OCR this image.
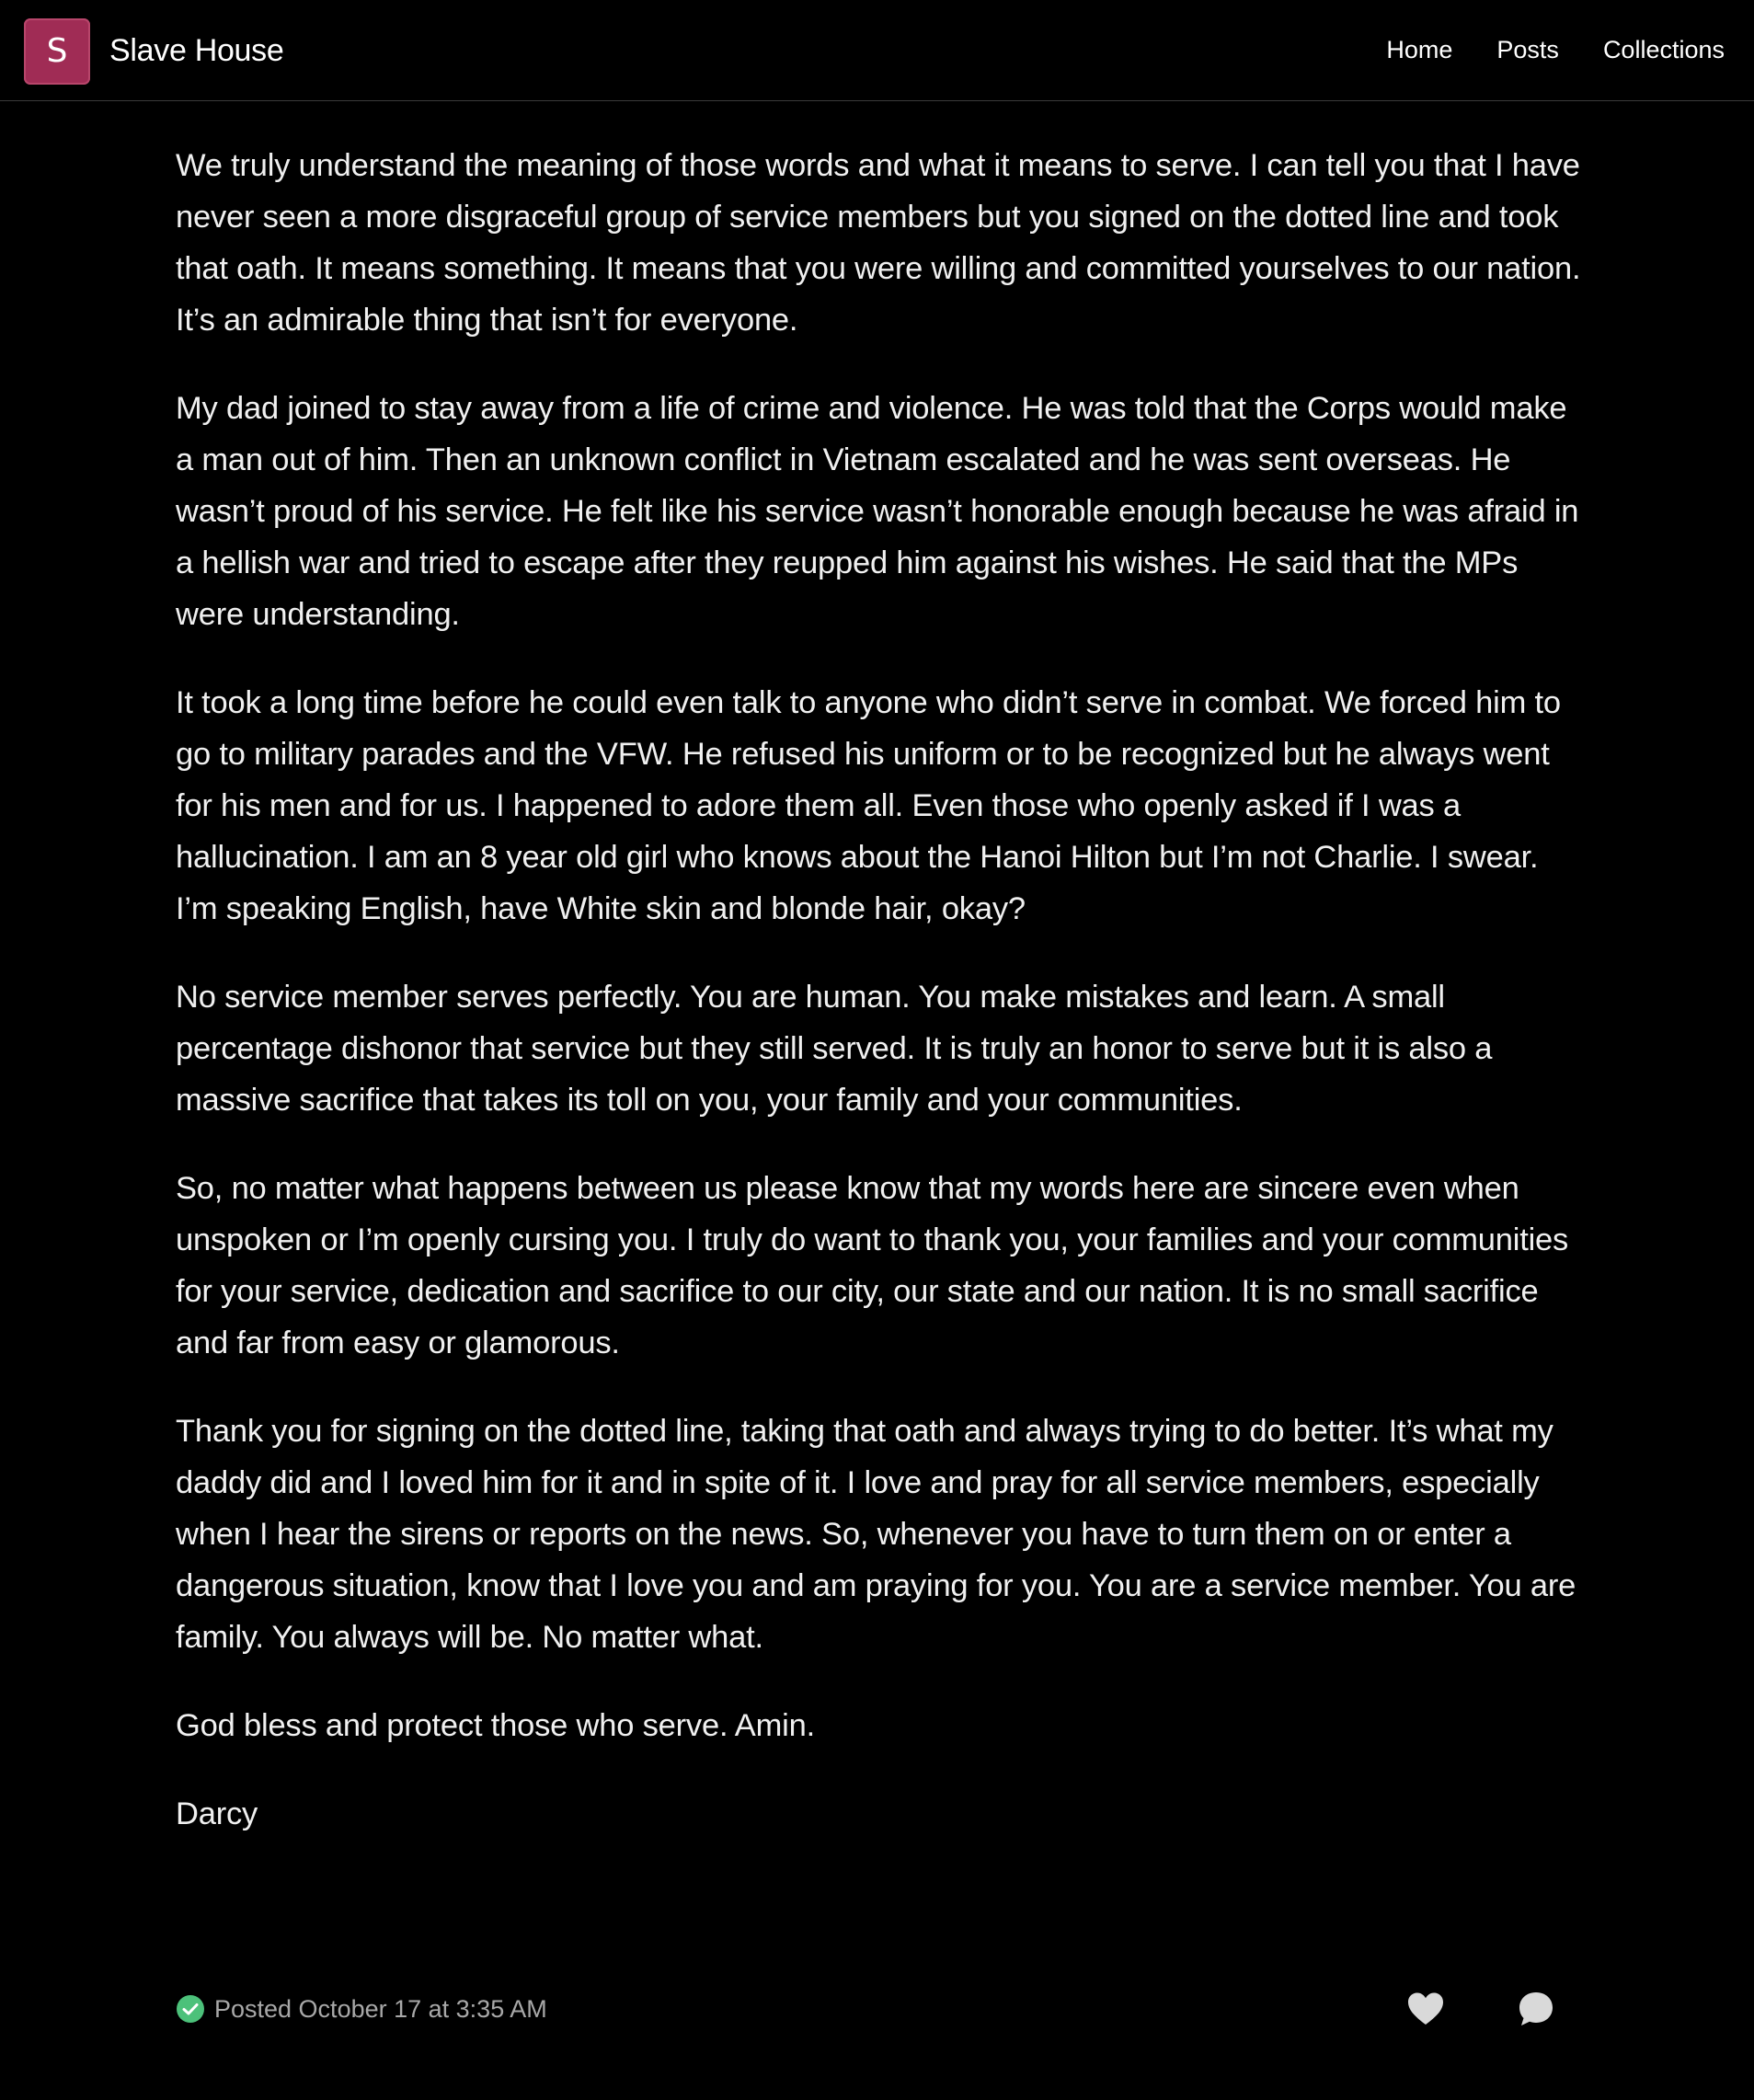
S	Slave House	Home Posts Collections

We truly understand the meaning of those words and what it means to serve. I can tell you that I have never seen a more disgraceful group of service members but you signed on the dotted line and took that oath. It means something. It means that you were willing and committed yourselves to our nation. It’s an admirable thing that isn’t for everyone.

My dad joined to stay away from a life of crime and violence. He was told that the Corps would make a man out of him. Then an unknown conflict in Vietnam escalated and he was sent overseas. He wasn’t proud of his service. He felt like his service wasn’t honorable enough because he was afraid in a hellish war and tried to escape after they reupped him against his wishes. He said that the MPs were understanding.

It took a long time before he could even talk to anyone who didn’t serve in combat. We forced him to go to military parades and the VFW. He refused his uniform or to be recognized but he always went for his men and for us. I happened to adore them all. Even those who openly asked if I was a hallucination. I am an 8 year old girl who knows about the Hanoi Hilton but I’m not Charlie. I swear. I’m speaking English, have White skin and blonde hair, okay?

No service member serves perfectly. You are human. You make mistakes and learn. A small percentage dishonor that service but they still served. It is truly an honor to serve but it is also a massive sacrifice that takes its toll on you, your family and your communities.

So, no matter what happens between us please know that my words here are sincere even when unspoken or I’m openly cursing you. I truly do want to thank you, your families and your communities for your service, dedication and sacrifice to our city, our state and our nation. It is no small sacrifice and far from easy or glamorous.

Thank you for signing on the dotted line, taking that oath and always trying to do better. It’s what my daddy did and I loved him for it and in spite of it. I love and pray for all service members, especially when I hear the sirens or reports on the news. So, whenever you have to turn them on or enter a dangerous situation, know that I love you and am praying for you. You are a service member. You are family. You always will be. No matter what.

God bless and protect those who serve. Amin.

Darcy

Posted October 17 at 3:35 AM
